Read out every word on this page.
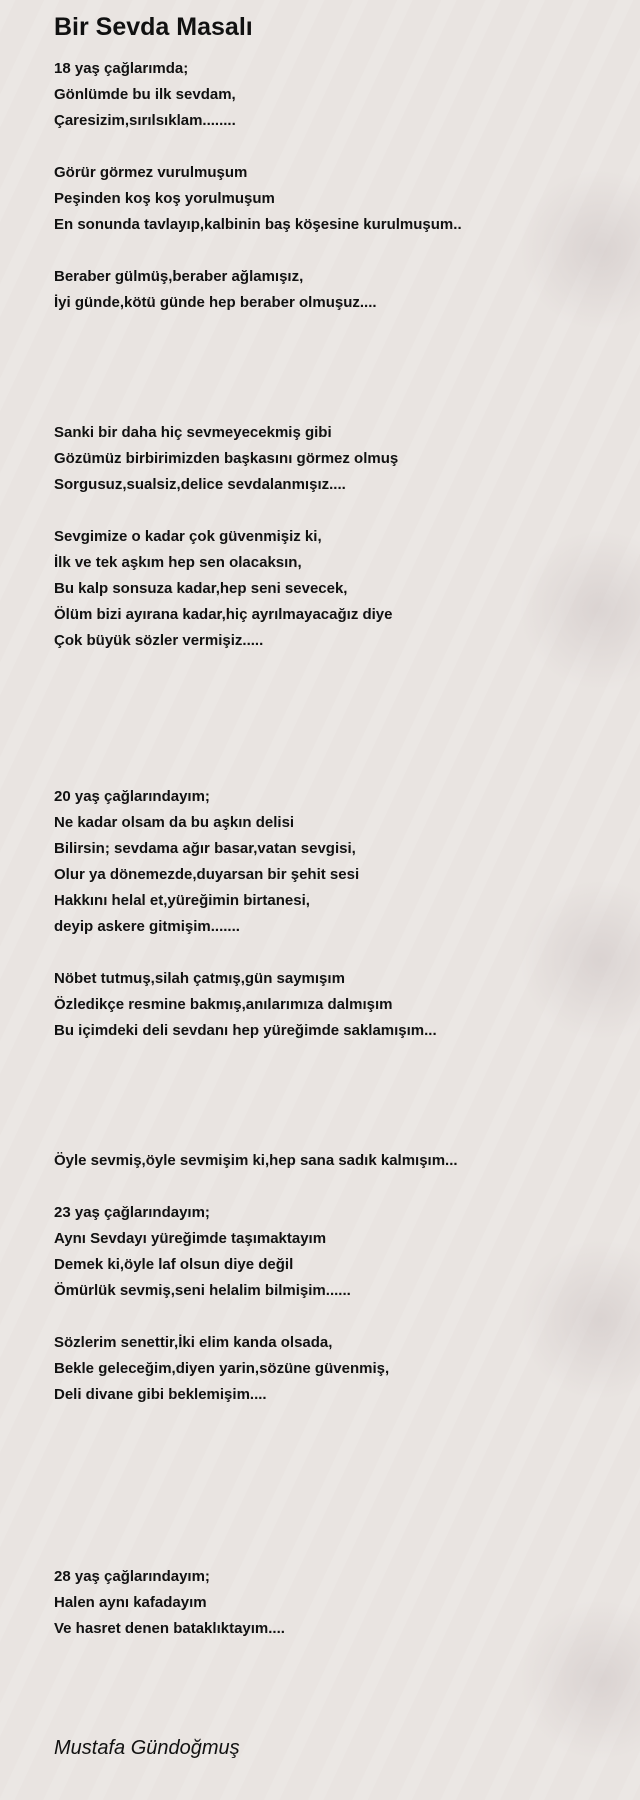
Bir Sevda Masalı
18 yaş çağlarımda;
Gönlümde bu ilk sevdam,
Çaresizim,sırılsıklam........
Görür görmez vurulmuşum
Peşinden koş koş yorulmuşum
En sonunda tavlayıp,kalbinin baş köşesine kurulmuşum..
Beraber gülmüş,beraber ağlamışız,
İyi günde,kötü günde hep beraber olmuşuz....
Sanki bir daha hiç sevmeyecekmiş gibi
Gözümüz birbirimizden başkasını görmez olmuş
Sorgusuz,sualsiz,delice sevdalanmışız....
Sevgimize o kadar çok güvenmişiz ki,
İlk ve tek aşkım hep sen olacaksın,
Bu kalp sonsuza kadar,hep seni sevecek,
Ölüm bizi ayırana kadar,hiç ayrılmayacağız diye
Çok büyük sözler vermişiz.....
20 yaş çağlarındayım;
Ne kadar olsam da bu aşkın delisi
Bilirsin; sevdama ağır basar,vatan sevgisi,
Olur ya dönemezde,duyarsan bir şehit sesi
Hakkını helal et,yüreğimin birtanesi,
deyip askere gitmişim.......
Nöbet tutmuş,silah çatmış,gün saymışım
Özledikçe resmine bakmış,anılarımıza dalmışım
Bu içimdeki deli sevdanı hep yüreğimde saklamışım...
Öyle sevmiş,öyle sevmişim ki,hep sana sadık kalmışım...
23 yaş çağlarındayım;
Aynı Sevdayı yüreğimde taşımaktayım
Demek ki,öyle laf olsun diye değil
Ömürlük sevmiş,seni helalim bilmişim......
Sözlerim senettir,İki elim kanda olsada,
Bekle geleceğim,diyen yarin,sözüne güvenmiş,
Deli divane gibi beklemişim....
28 yaş çağlarındayım;
Halen aynı kafadayım
Ve hasret denen bataklıktayım....
Mustafa Gündoğmuş
